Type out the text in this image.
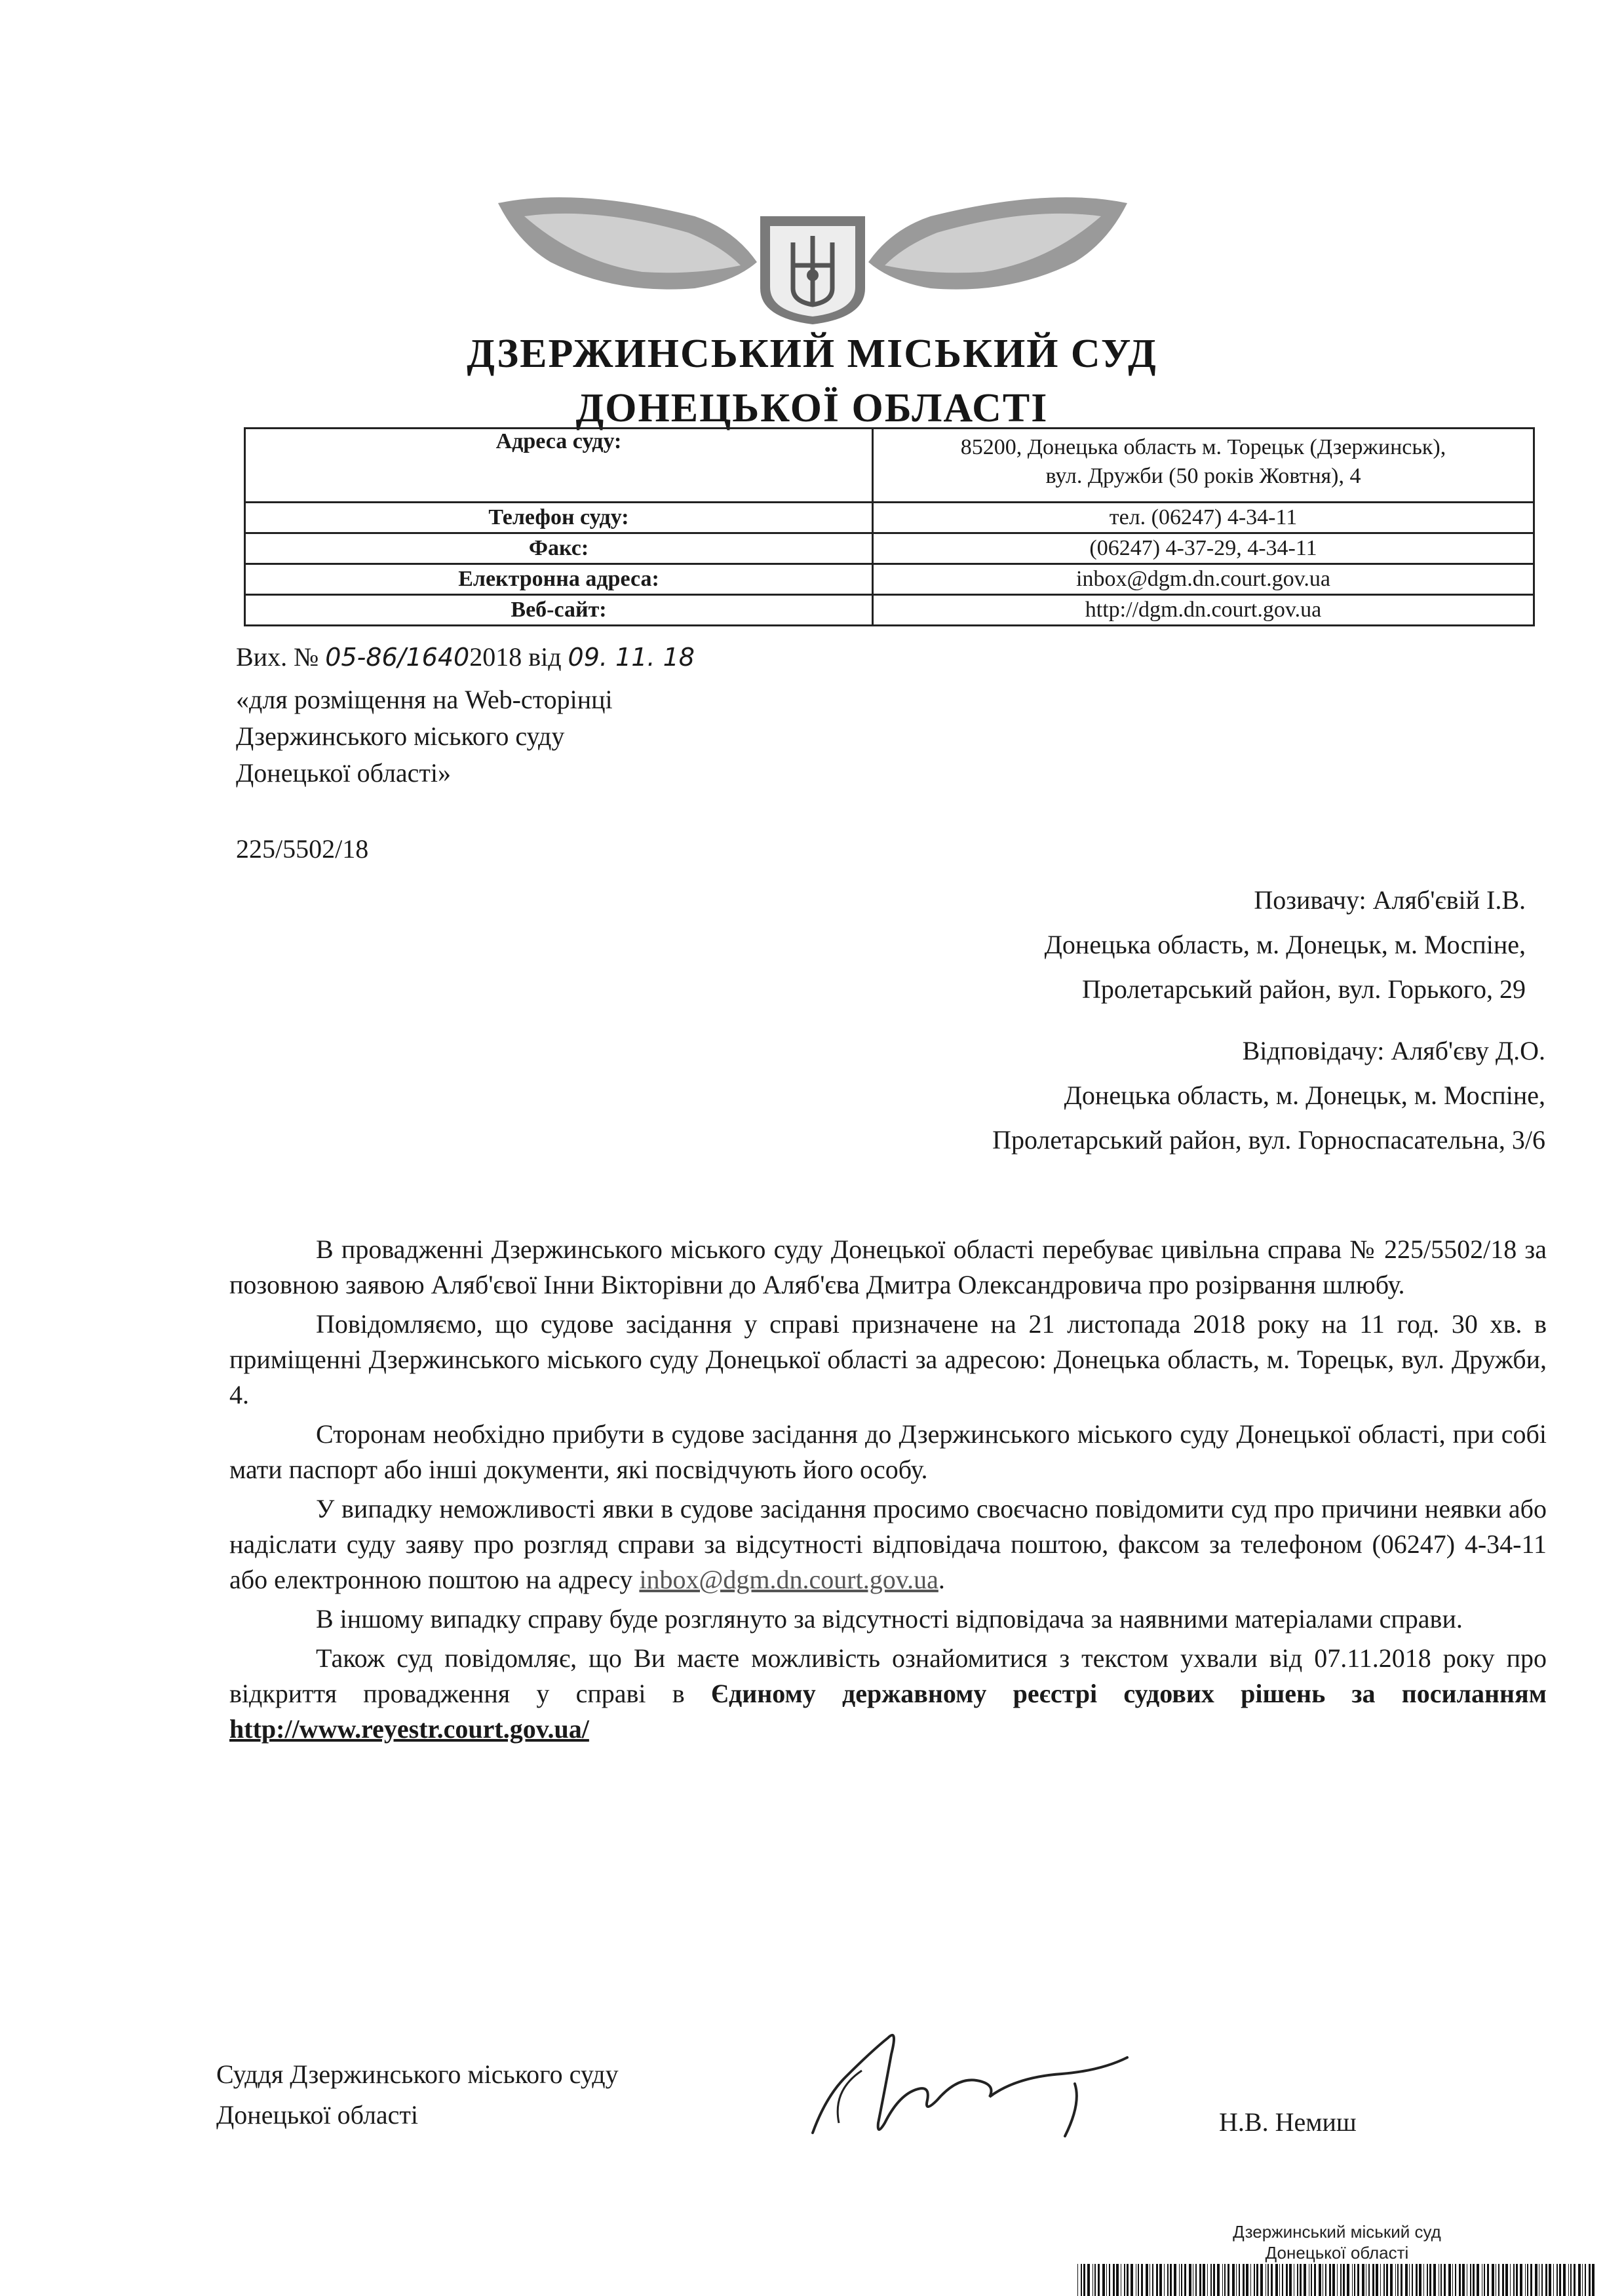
ДЗЕРЖИНСЬКИЙ МІСЬКИЙ СУД
ДОНЕЦЬКОЇ ОБЛАСТІ
Адреса суду:	85200, Донецька область м. Торецьк (Дзержинськ),
вул. Дружби (50 років Жовтня), 4

Телефон суду:	тел. (06247) 4-34-11
Факс:	(06247) 4-37-29, 4-34-11
Електронна адреса:	inbox@dgm.dn.court.gov.ua
Веб-сайт:	http://dgm.dn.court.gov.ua
Вих. № 05-86/16402018 від 09. 11. 18
«для розміщення на Web-сторінці
Дзержинського міського суду
Донецької області»
225/5502/18
Позивачу: Аляб'євій І.В.
Донецька область, м. Донецьк, м. Моспіне,
Пролетарський район, вул. Горького, 29
Відповідачу: Аляб'єву Д.О.
Донецька область, м. Донецьк, м. Моспіне,
Пролетарський район, вул. Горноспасательна, 3/6

В провадженні Дзержинського міського суду Донецької області перебуває цивільна справа № 225/5502/18 за позовною заявою Аляб'євої Інни Вікторівни до Аляб'єва Дмитра Олександровича про розірвання шлюбу.

Повідомляємо, що судове засідання у справі призначене на 21 листопада 2018 року на 11 год. 30 хв. в приміщенні Дзержинського міського суду Донецької області за адресою: Донецька область, м. Торецьк, вул. Дружби, 4.

Сторонам необхідно прибути в судове засідання до Дзержинського міського суду Донецької області, при собі мати паспорт або інші документи, які посвідчують його особу.

У випадку неможливості явки в судове засідання просимо своєчасно повідомити суд про причини неявки або надіслати суду заяву про розгляд справи за відсутності відповідача поштою, факсом за телефоном (06247) 4-34-11 або електронною поштою на адресу inbox@dgm.dn.court.gov.ua.

В іншому випадку справу буде розглянуто за відсутності відповідача за наявними матеріалами справи.

Також суд повідомляє, що Ви маєте можливість ознайомитися з текстом ухвали від 07.11.2018 року про відкриття провадження у справі в Єдиному державному реєстрі судових рішень за посиланням http://www.reyestr.court.gov.ua/

Суддя Дзержинського міського суду
Донецької області	Н.В. Немиш
Дзержинський міський суд
Донецької області
